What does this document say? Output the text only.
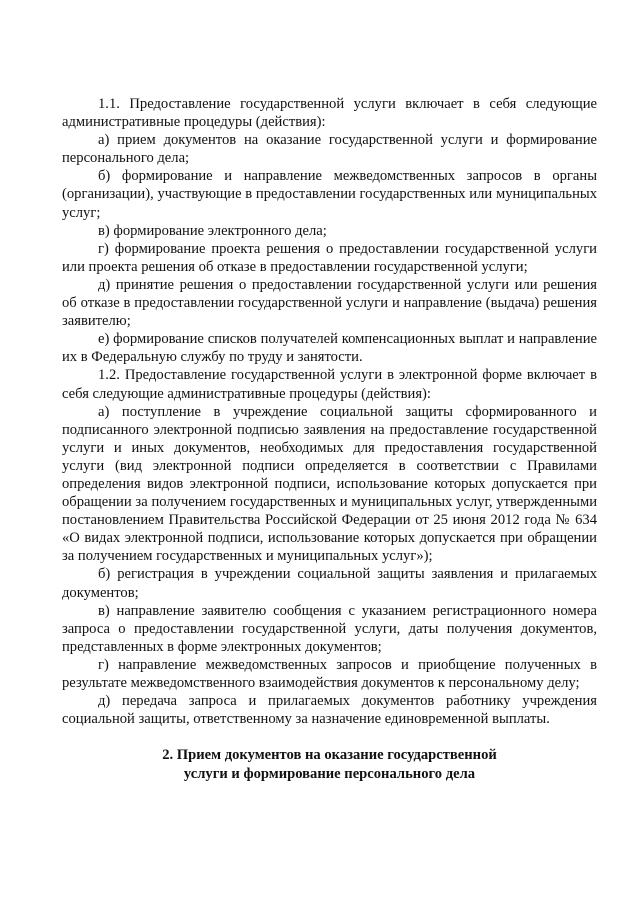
1.1. Предоставление государственной услуги включает в себя следующие административные процедуры (действия):

а) прием документов на оказание государственной услуги и формирование персонального дела;

б) формирование и направление межведомственных запросов в органы (организации), участвующие в предоставлении государственных или муниципальных услуг;

в) формирование электронного дела;

г) формирование проекта решения о предоставлении государственной услуги или проекта решения об отказе в предоставлении государственной услуги;

д) принятие решения о предоставлении государственной услуги или решения об отказе в предоставлении государственной услуги и направление (выдача) решения заявителю;

е) формирование списков получателей компенсационных выплат и направление их в Федеральную службу по труду и занятости.

1.2. Предоставление государственной услуги в электронной форме включает в себя следующие административные процедуры (действия):

а) поступление в учреждение социальной защиты сформированного и подписанного электронной подписью заявления на предоставление государственной услуги и иных документов, необходимых для предоставления государственной услуги (вид электронной подписи определяется в соответствии с Правилами определения видов электронной подписи, использование которых допускается при обращении за получением государственных и муниципальных услуг, утвержденными постановлением Правительства Российской Федерации от 25 июня 2012 года № 634 «О видах электронной подписи, использование которых допускается при обращении за получением государственных и муниципальных услуг»);

б) регистрация в учреждении социальной защиты заявления и прилагаемых документов;

в) направление заявителю сообщения с указанием регистрационного номера запроса о предоставлении государственной услуги, даты получения документов, представленных в форме электронных документов;

г) направление межведомственных запросов и приобщение полученных в результате межведомственного взаимодействия документов к персональному делу;

д) передача запроса и прилагаемых документов работнику учреждения социальной защиты, ответственному за назначение единовременной выплаты.

2. Прием документов на оказание государственной
услуги и формирование персонального дела
